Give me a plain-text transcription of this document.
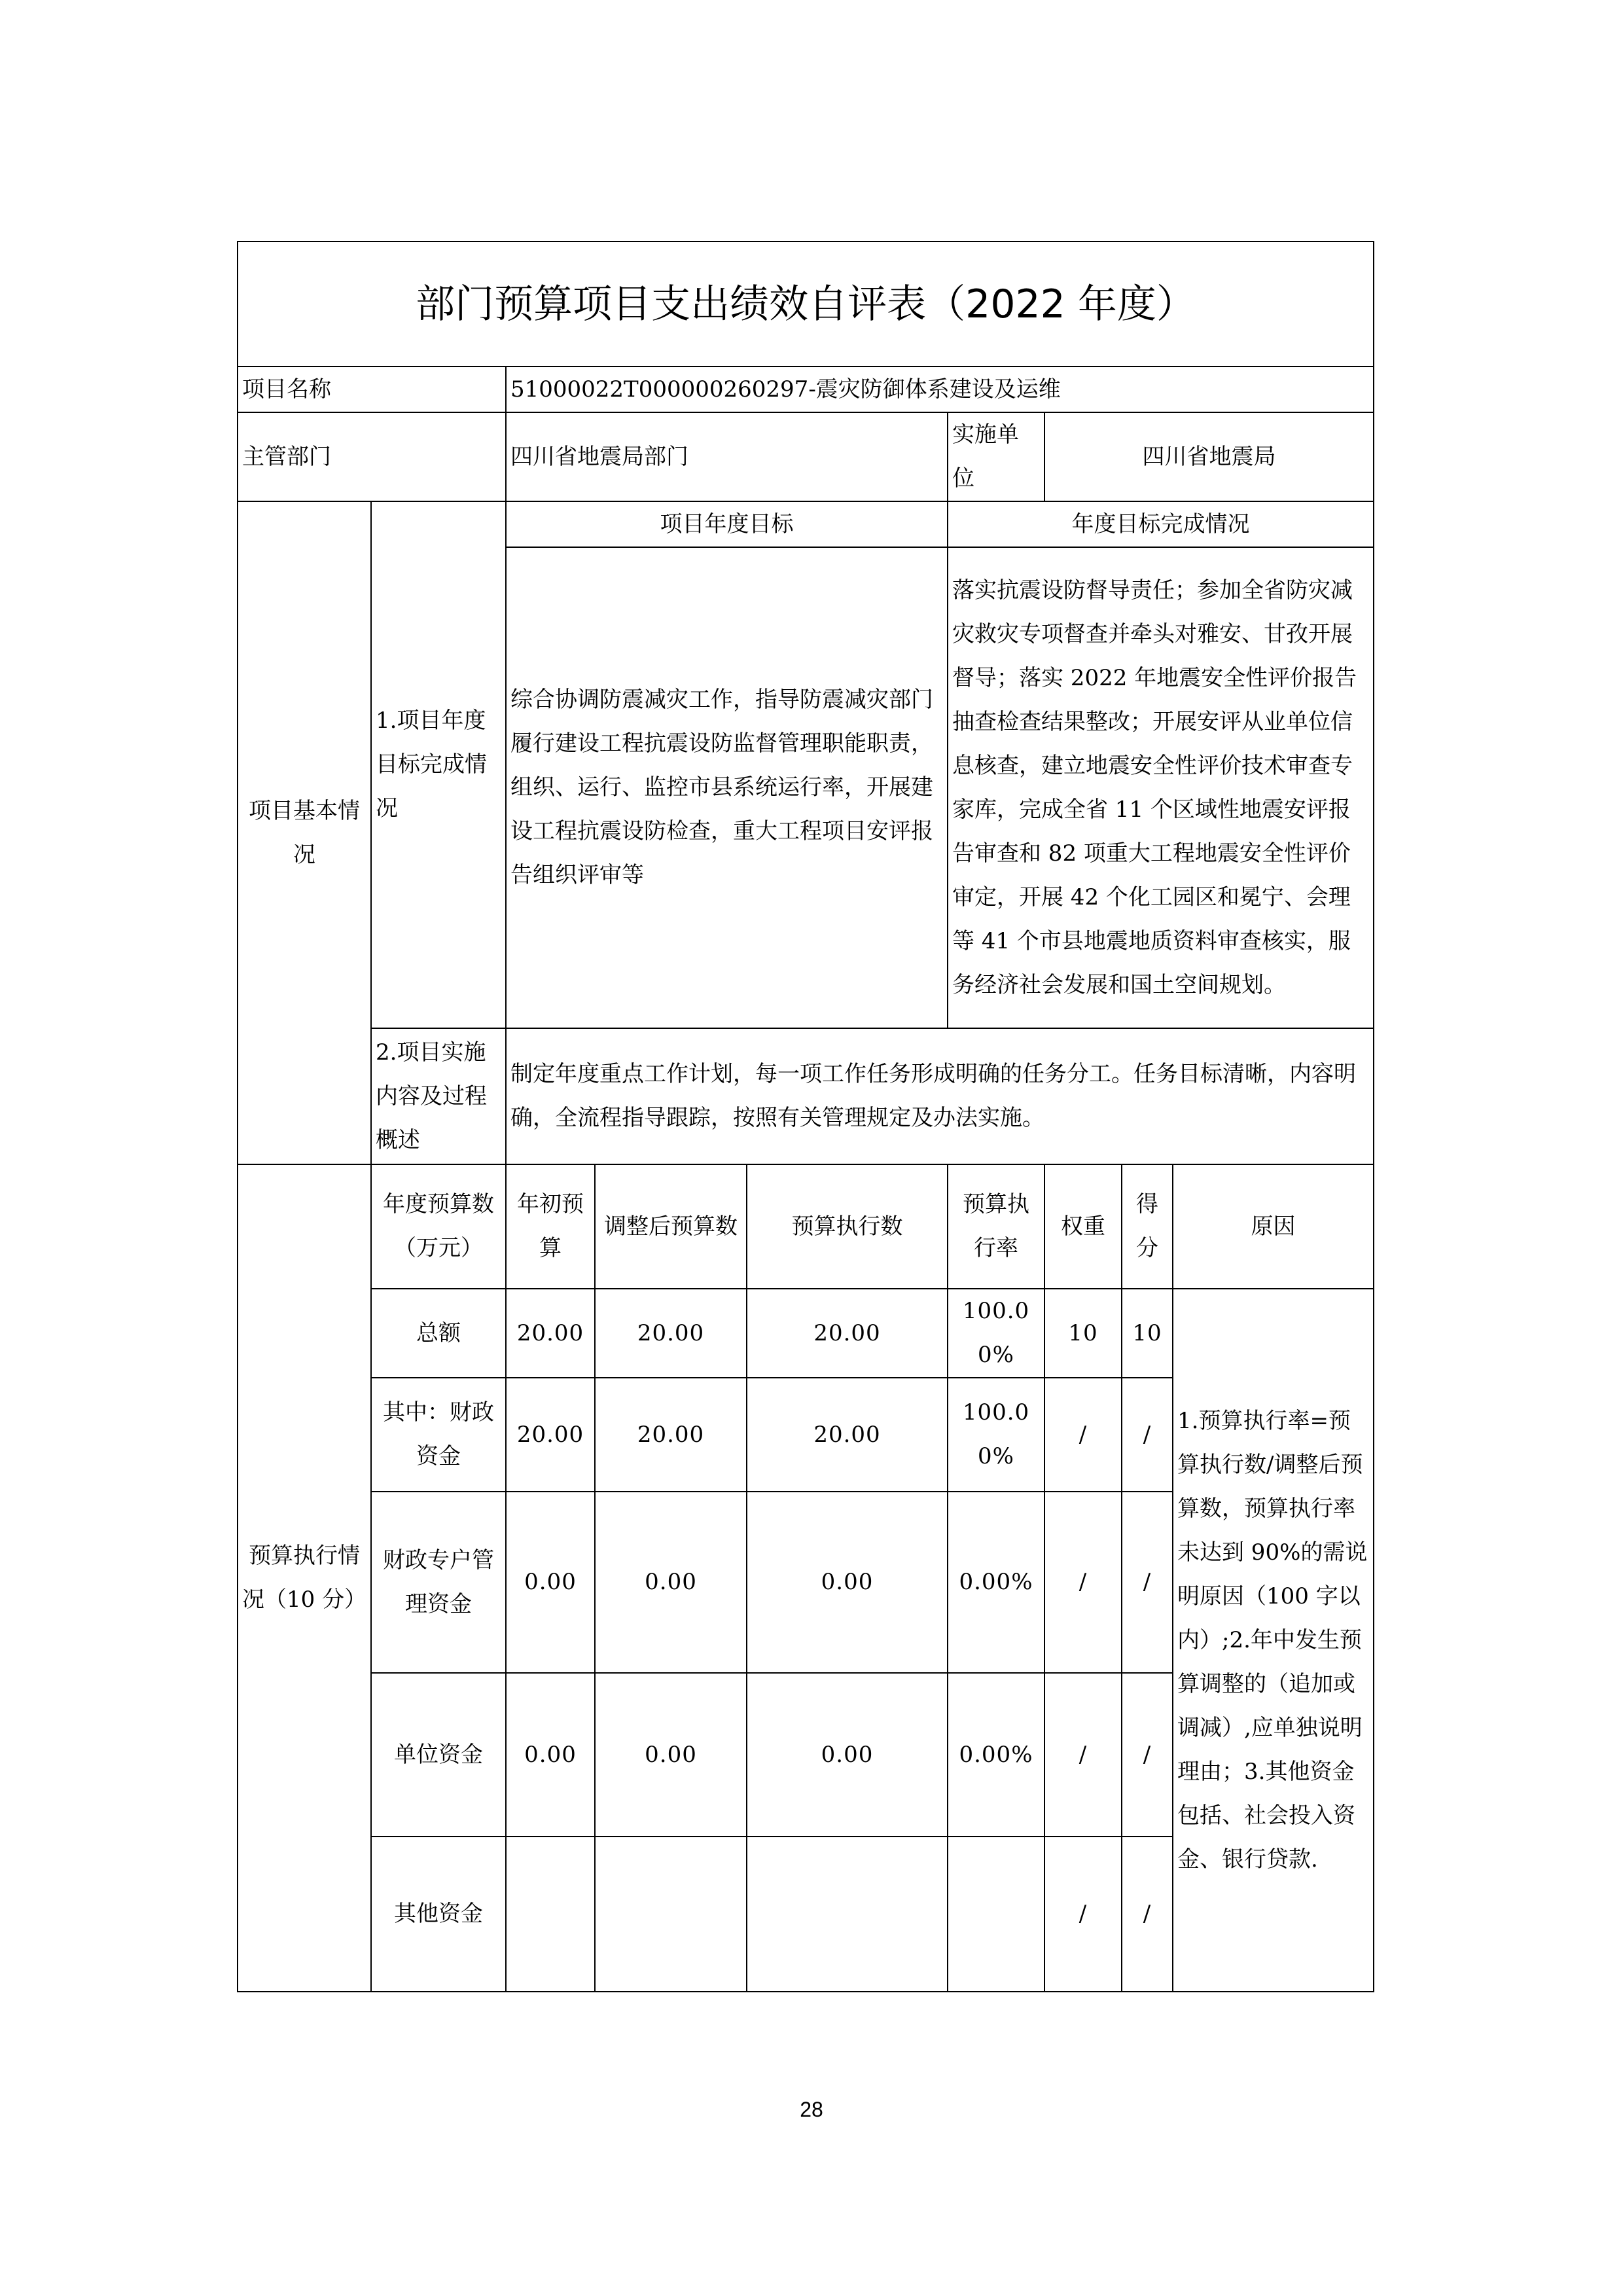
部门预算项目支出绩效自评表（2022 年度）								
项目名称		51000022T000000260297-震灾防御体系建设及运维						
主管部门		四川省地震局部门			实施单位	四川省地震局		
项目基本情况	1.项目年度目标完成情况	项目年度目标			年度目标完成情况			
		综合协调防震减灾工作，指导防震减灾部门履行建设工程抗震设防监督管理职能职责，组织、运行、监控市县系统运行率，开展建设工程抗震设防检查，重大工程项目安评报告组织评审等			落实抗震设防督导责任；参加全省防灾减灾救灾专项督查并牵头对雅安、甘孜开展督导；落实 2022 年地震安全性评价报告抽查检查结果整改；开展安评从业单位信息核查，建立地震安全性评价技术审查专家库，完成全省 11 个区域性地震安评报告审查和 82 项重大工程地震安全性评价审定，开展 42 个化工园区和冕宁、会理等 41 个市县地震地质资料审查核实，服务经济社会发展和国土空间规划。			
	2.项目实施内容及过程概述	制定年度重点工作计划，每一项工作任务形成明确的任务分工。任务目标清晰，内容明确，全流程指导跟踪，按照有关管理规定及办法实施。						

预算执行情况（10 分）	年度预算数（万元）	年初预算	调整后预算数	预算执行数	预算执行率	权重	得分	原因
	总额	20.00	20.00	20.00	100.00%	10	10	1.预算执行率=预算执行数/调整后预算数，预算执行率未达到 90%的需说明原因（100 字以内）;2.年中发生预算调整的（追加或调减）,应单独说明理由；3.其他资金包括、社会投入资金、银行贷款.
	其中：财政资金	20.00	20.00	20.00	100.00%	/	/	
	财政专户管理资金	0.00	0.00	0.00	0.00%	/	/	
	单位资金	0.00	0.00	0.00	0.00%	/	/	
	其他资金					/	/	
28
